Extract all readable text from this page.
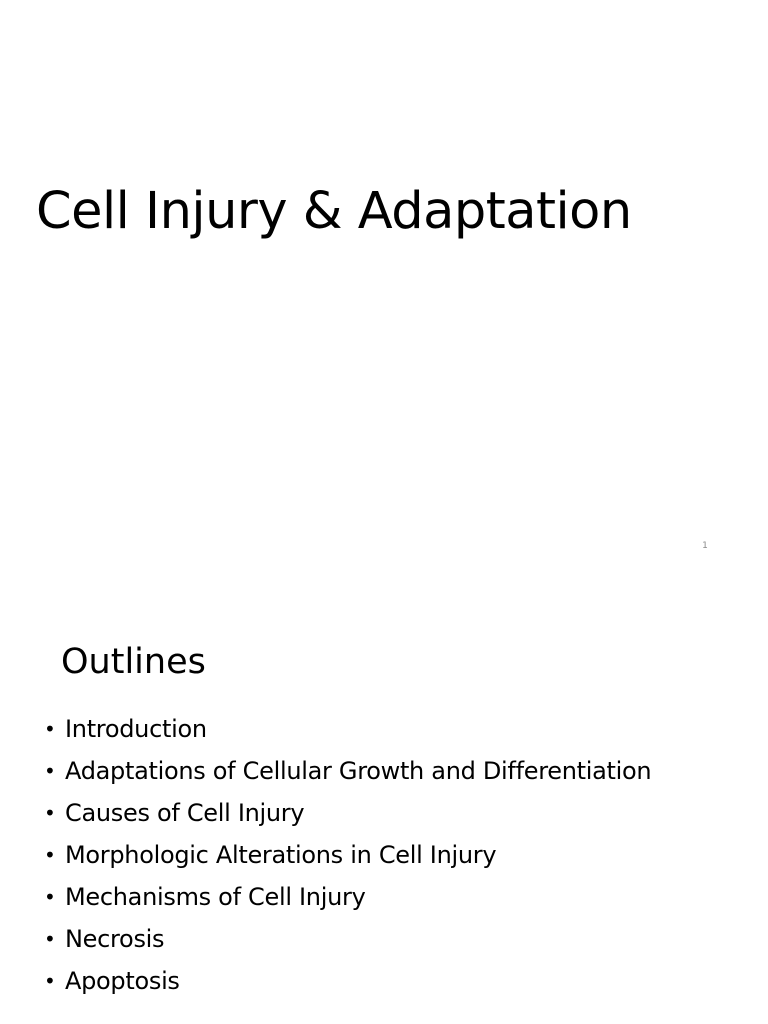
Cell Injury & Adaptation
1
Outlines
• Introduction
• Adaptations of Cellular Growth and Differentiation
• Causes of Cell Injury
• Morphologic Alterations in Cell Injury
• Mechanisms of Cell Injury
• Necrosis
• Apoptosis
